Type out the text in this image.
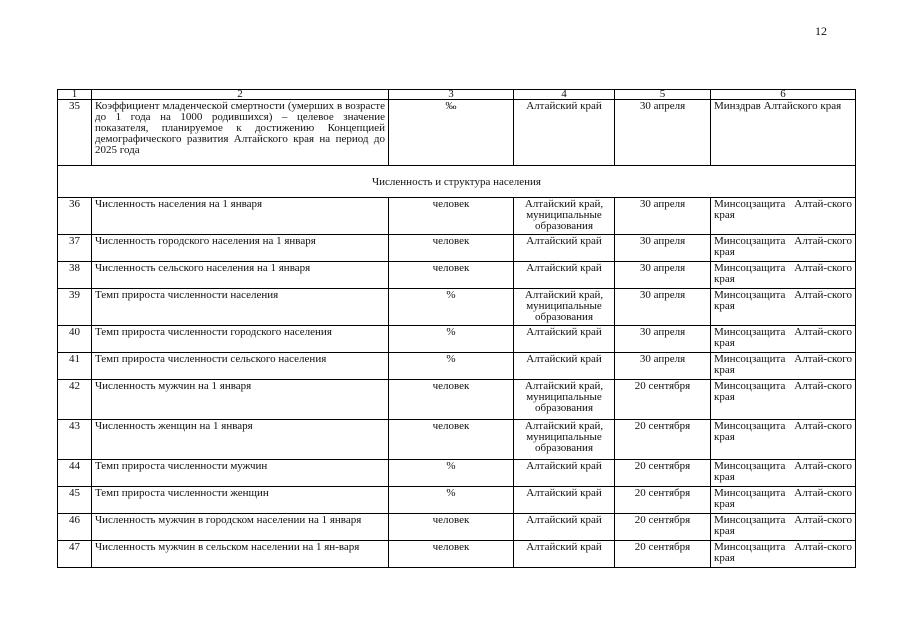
12
1	2	3	4	5	6
35	Коэффициент младенческой смертности (умерших в возрасте до 1 года на 1000 родившихся) – целевое значение показателя, планируемое к достижению Концепцией демографического развития Алтайского края на период до 2025 года	‰	Алтайский край	30 апреля	Минздрав Алтайского края
Численность и структура населения					
36	Численность населения на 1 января	человек	Алтайский край, муниципальные образования	30 апреля	Минсоцзащита Алтай-ского края
37	Численность городского населения на 1 января	человек	Алтайский край	30 апреля	Минсоцзащита Алтай-ского края
38	Численность сельского населения на 1 января	человек	Алтайский край	30 апреля	Минсоцзащита Алтай-ского края
39	Темп прироста численности населения	%	Алтайский край, муниципальные образования	30 апреля	Минсоцзащита Алтай-ского края
40	Темп прироста численности городского населения	%	Алтайский край	30 апреля	Минсоцзащита Алтай-ского края
41	Темп прироста численности сельского населения	%	Алтайский край	30 апреля	Минсоцзащита Алтай-ского края
42	Численность мужчин на 1 января	человек	Алтайский край, муниципальные образования	20 сентября	Минсоцзащита Алтай-ского края
43	Численность женщин на 1 января	человек	Алтайский край, муниципальные образования	20 сентября	Минсоцзащита Алтай-ского края
44	Темп прироста численности мужчин	%	Алтайский край	20 сентября	Минсоцзащита Алтай-ского края
45	Темп прироста численности женщин	%	Алтайский край	20 сентября	Минсоцзащита Алтай-ского края
46	Численность мужчин в городском населении на 1 января	человек	Алтайский край	20 сентября	Минсоцзащита Алтай-ского края
47	Численность мужчин в сельском населении на 1 ян-варя	человек	Алтайский край	20 сентября	Минсоцзащита Алтай-ского края
